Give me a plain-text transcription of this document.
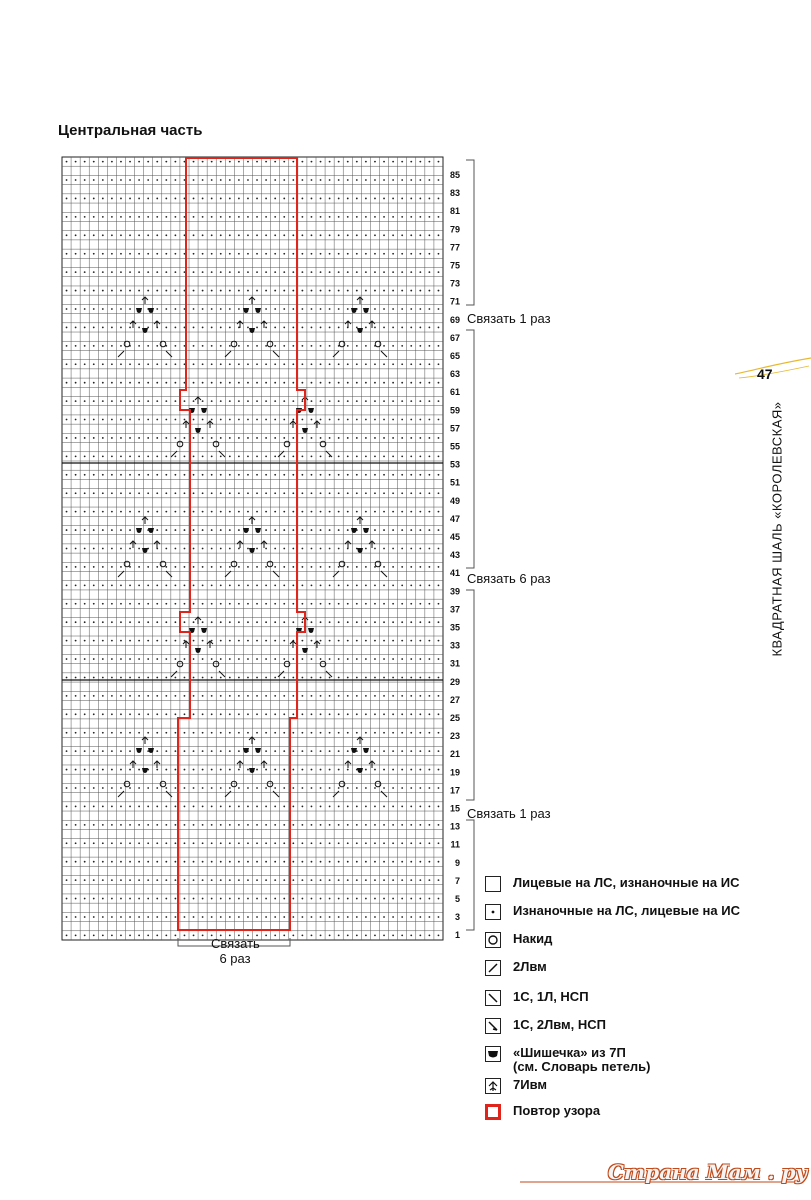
Центральная часть
85
83
81
79
77
75
73
71
69
67
65
63
61
59
57
55
53
51
49
47
45
43
41
39
37
35
33
31
29
27
25
23
21
19
17
15
13
11
9
7
5
3
1
47
КВАДРАТНАЯ ШАЛЬ «КОРОЛЕВСКАЯ»
Связать 1 раз
Связать 6 раз
Связать 1 раз
Связать
6 раз
Лицевые на ЛС, изнаночные на ИС
Изнаночные на ЛС, лицевые на ИС
Накид
2Лвм
1С, 1Л, НСП
1С, 2Лвм, НСП
«Шишечка» из 7П
(см. Словарь петель)
7Ивм
Повтор узора
Страна Мам . ру
